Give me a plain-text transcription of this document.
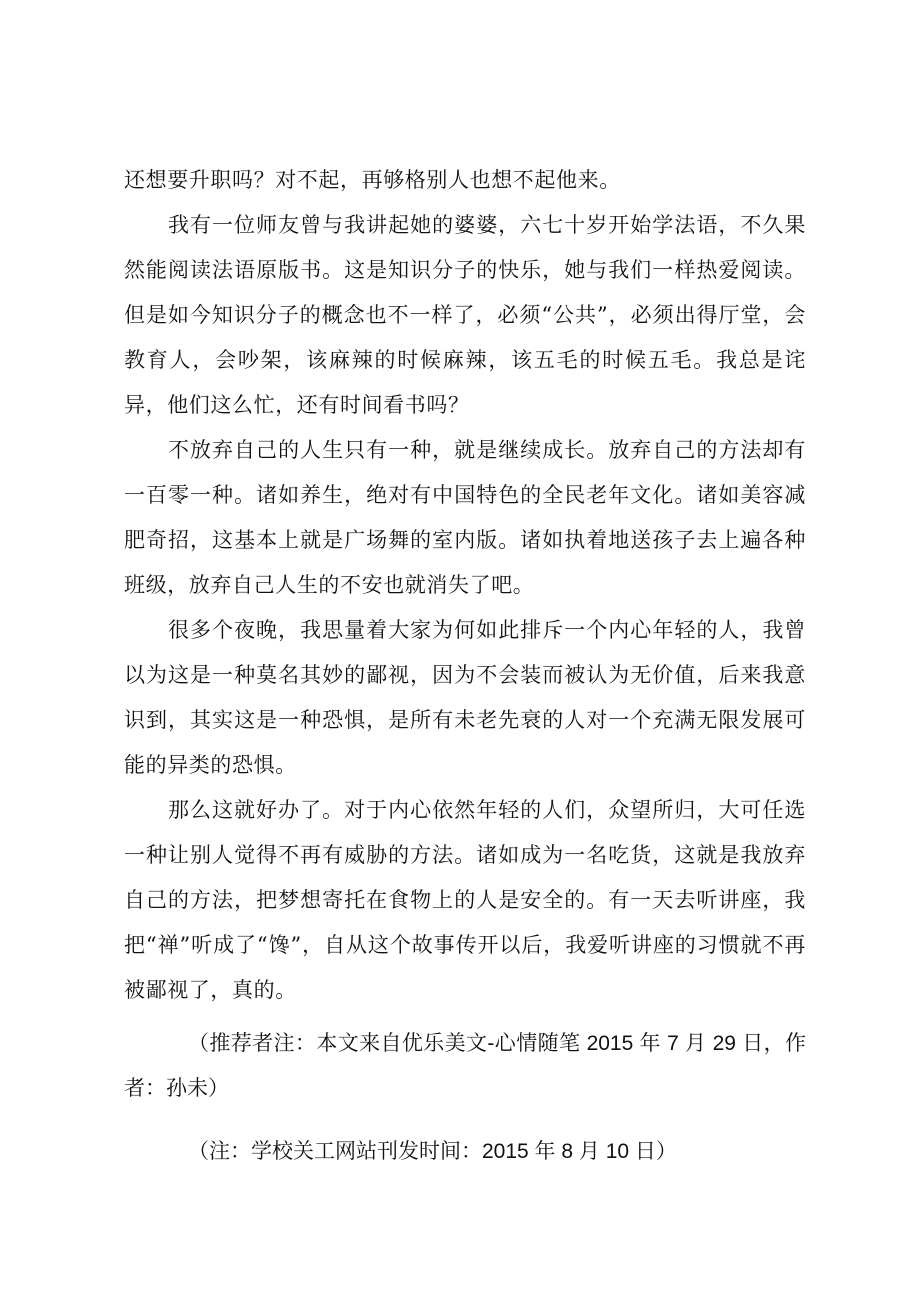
还想要升职吗？对不起，再够格别人也想不起他来。

我有一位师友曾与我讲起她的婆婆，六七十岁开始学法语，不久果然能阅读法语原版书。这是知识分子的快乐，她与我们一样热爱阅读。但是如今知识分子的概念也不一样了，必须“公共”，必须出得厅堂，会教育人，会吵架，该麻辣的时候麻辣，该五毛的时候五毛。我总是诧异，他们这么忙，还有时间看书吗？

不放弃自己的人生只有一种，就是继续成长。放弃自己的方法却有一百零一种。诸如养生，绝对有中国特色的全民老年文化。诸如美容减肥奇招，这基本上就是广场舞的室内版。诸如执着地送孩子去上遍各种班级，放弃自己人生的不安也就消失了吧。

很多个夜晚，我思量着大家为何如此排斥一个内心年轻的人，我曾以为这是一种莫名其妙的鄙视，因为不会装而被认为无价值，后来我意识到，其实这是一种恐惧，是所有未老先衰的人对一个充满无限发展可能的异类的恐惧。

那么这就好办了。对于内心依然年轻的人们，众望所归，大可任选一种让别人觉得不再有威胁的方法。诸如成为一名吃货，这就是我放弃自己的方法，把梦想寄托在食物上的人是安全的。有一天去听讲座，我把“禅”听成了“馋”，自从这个故事传开以后，我爱听讲座的习惯就不再被鄙视了，真的。

（推荐者注：本文来自优乐美文-心情随笔 2015 年 7 月 29 日，作者：孙未）

（注：学校关工网站刊发时间：2015 年 8 月 10 日）
